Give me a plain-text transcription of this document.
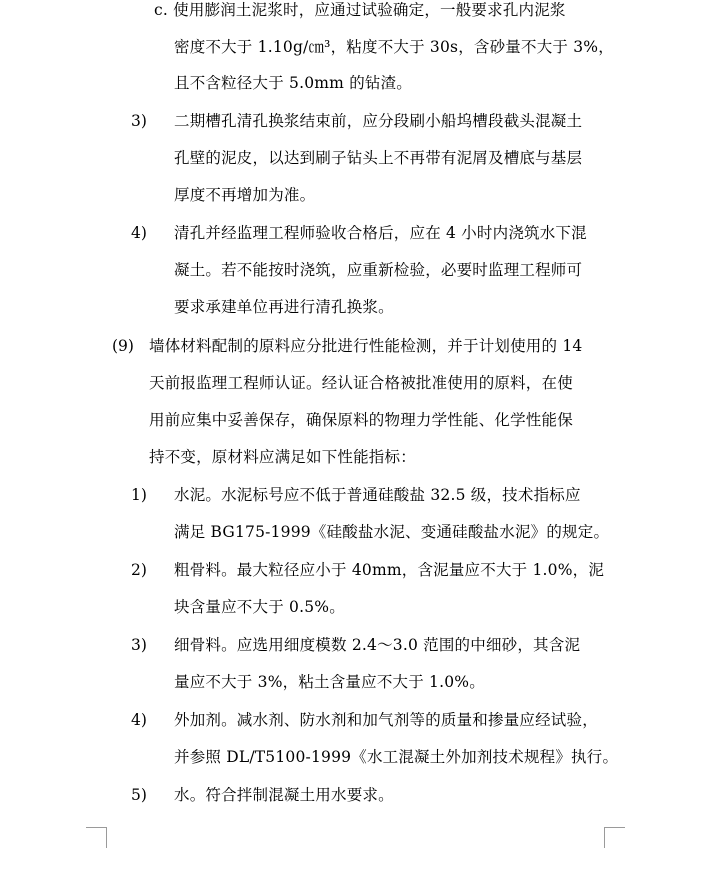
c. 使用膨润土泥浆时，应通过试验确定，一般要求孔内泥浆
密度不大于 1.10g/㎝³，粘度不大于 30s，含砂量不大于 3%，
且不含粒径大于 5.0mm 的钻渣。
3) 二期槽孔清孔换浆结束前，应分段刷小船坞槽段截头混凝土
孔壁的泥皮，以达到刷子钻头上不再带有泥屑及槽底与基层
厚度不再增加为准。
4) 清孔并经监理工程师验收合格后，应在 4 小时内浇筑水下混
凝土。若不能按时浇筑，应重新检验，必要时监理工程师可
要求承建单位再进行清孔换浆。
(9) 墙体材料配制的原料应分批进行性能检测，并于计划使用的 14
天前报监理工程师认证。经认证合格被批准使用的原料，在使
用前应集中妥善保存，确保原料的物理力学性能、化学性能保
持不变，原材料应满足如下性能指标：
1) 水泥。水泥标号应不低于普通硅酸盐 32.5 级，技术指标应
满足 BG175-1999《硅酸盐水泥、变通硅酸盐水泥》的规定。
2) 粗骨料。最大粒径应小于 40mm，含泥量应不大于 1.0%，泥
块含量应不大于 0.5%。
3) 细骨料。应选用细度模数 2.4～3.0 范围的中细砂，其含泥
量应不大于 3%，粘土含量应不大于 1.0%。
4) 外加剂。减水剂、防水剂和加气剂等的质量和掺量应经试验，
并参照 DL/T5100-1999《水工混凝土外加剂技术规程》执行。
5) 水。符合拌制混凝土用水要求。
